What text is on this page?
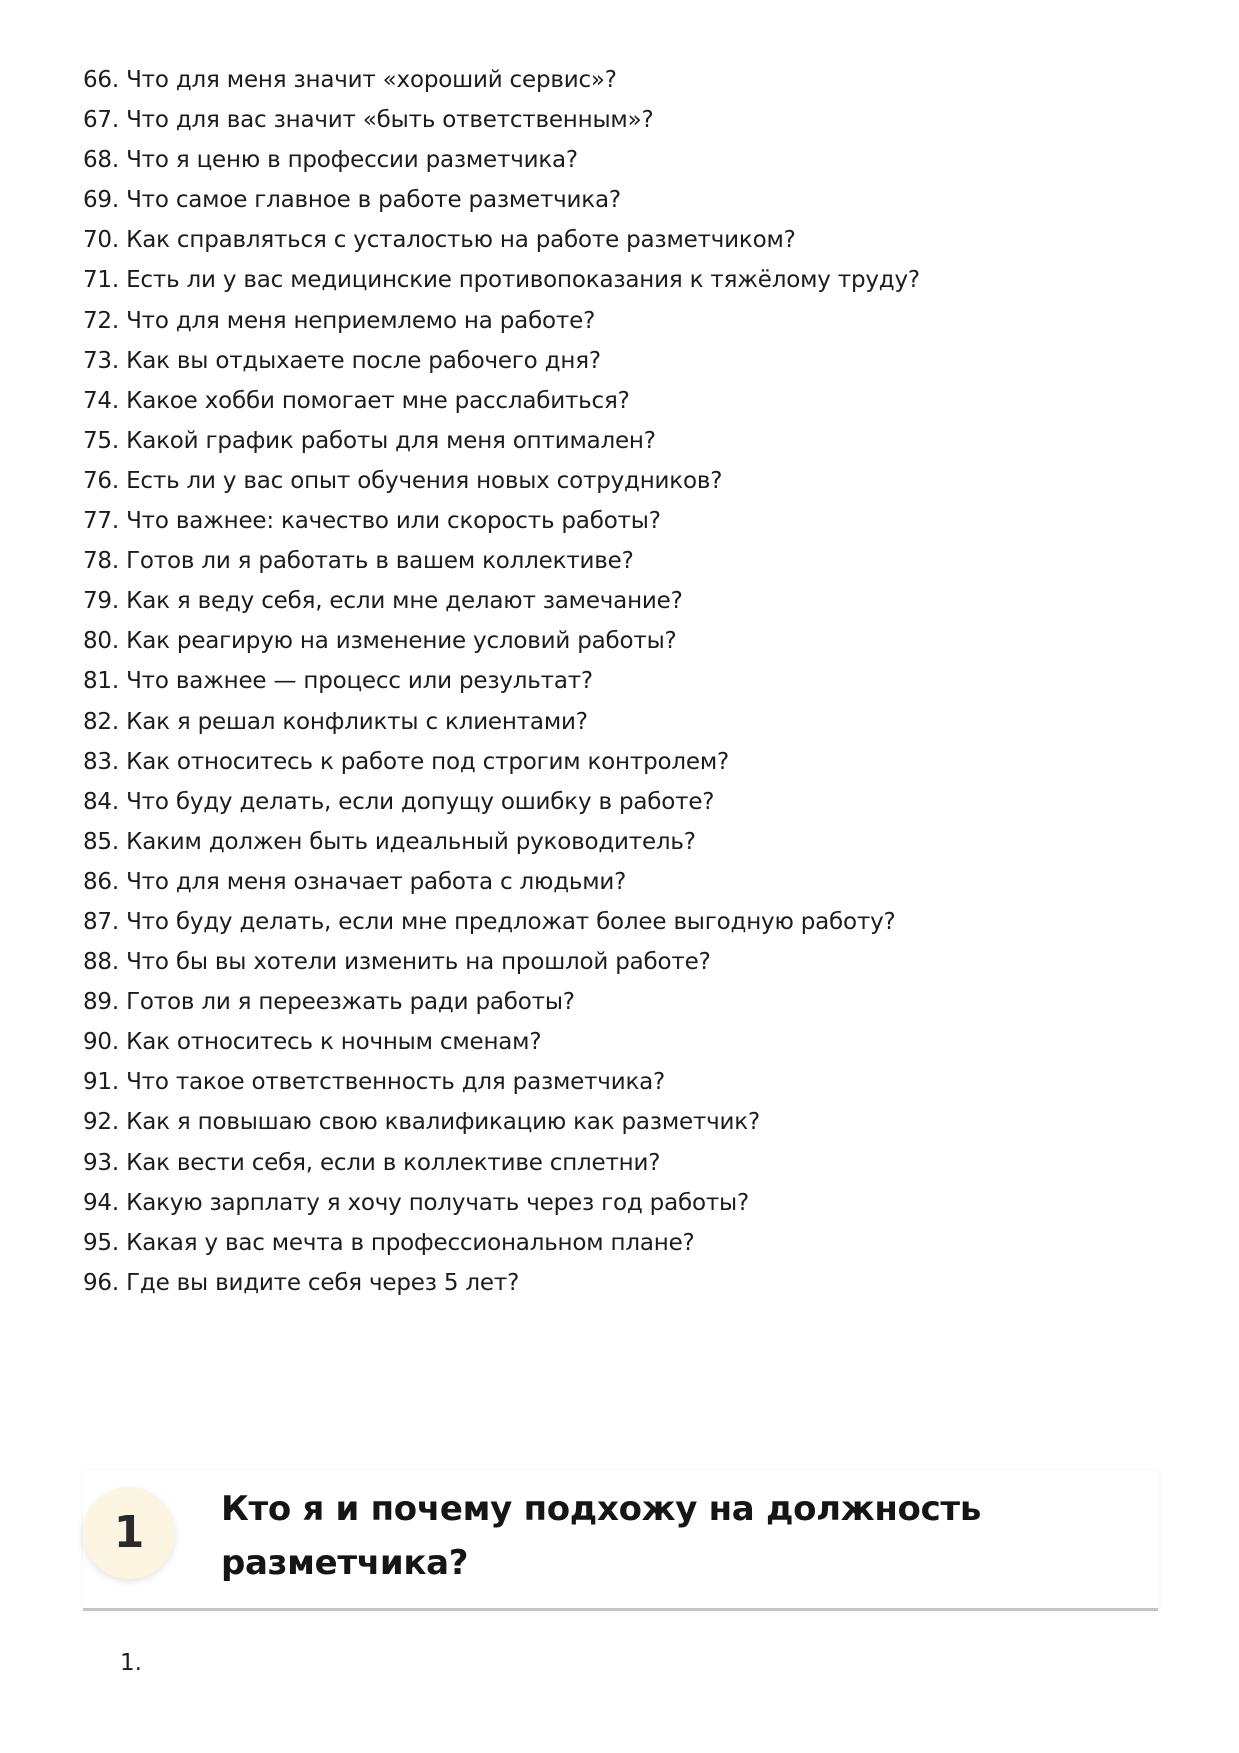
66. Что для меня значит «хороший сервис»?
67. Что для вас значит «быть ответственным»?
68. Что я ценю в профессии разметчика?
69. Что самое главное в работе разметчика?
70. Как справляться с усталостью на работе разметчиком?
71. Есть ли у вас медицинские противопоказания к тяжёлому труду?
72. Что для меня неприемлемо на работе?
73. Как вы отдыхаете после рабочего дня?
74. Какое хобби помогает мне расслабиться?
75. Какой график работы для меня оптимален?
76. Есть ли у вас опыт обучения новых сотрудников?
77. Что важнее: качество или скорость работы?
78. Готов ли я работать в вашем коллективе?
79. Как я веду себя, если мне делают замечание?
80. Как реагирую на изменение условий работы?
81. Что важнее — процесс или результат?
82. Как я решал конфликты с клиентами?
83. Как относитесь к работе под строгим контролем?
84. Что буду делать, если допущу ошибку в работе?
85. Каким должен быть идеальный руководитель?
86. Что для меня означает работа с людьми?
87. Что буду делать, если мне предложат более выгодную работу?
88. Что бы вы хотели изменить на прошлой работе?
89. Готов ли я переезжать ради работы?
90. Как относитесь к ночным сменам?
91. Что такое ответственность для разметчика?
92. Как я повышаю свою квалификацию как разметчик?
93. Как вести себя, если в коллективе сплетни?
94. Какую зарплату я хочу получать через год работы?
95. Какая у вас мечта в профессиональном плане?
96. Где вы видите себя через 5 лет?
1	Кто я и почему подхожу на должность разметчика?
1.
